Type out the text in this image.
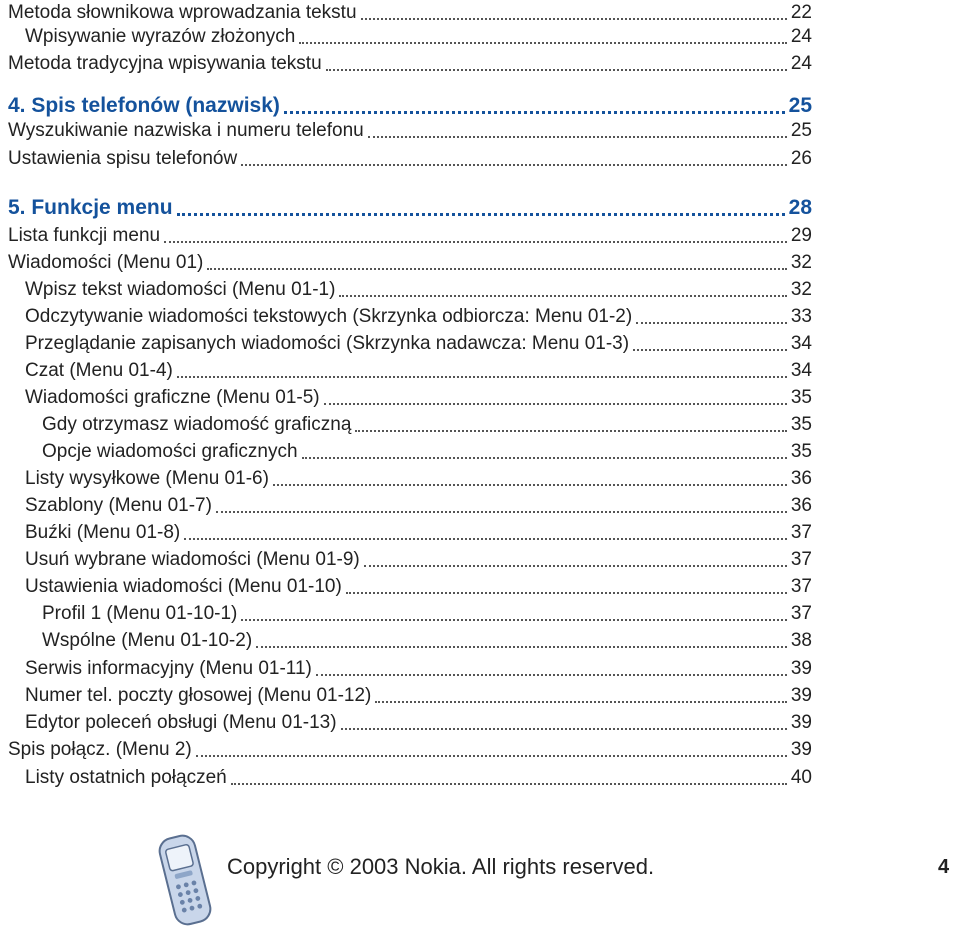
Metoda słownikowa wprowadzania tekstu	22
Wpisywanie wyrazów złożonych	24
Metoda tradycyjna wpisywania tekstu	24
4. Spis telefonów (nazwisk)	25
Wyszukiwanie nazwiska i numeru telefonu	25
Ustawienia spisu telefonów	26
5. Funkcje menu	28
Lista funkcji menu	29
Wiadomości (Menu 01)	32
Wpisz tekst wiadomości (Menu 01-1)	32
Odczytywanie wiadomości tekstowych (Skrzynka odbiorcza: Menu 01-2)	33
Przeglądanie zapisanych wiadomości (Skrzynka nadawcza: Menu 01-3)	34
Czat (Menu 01-4)	34
Wiadomości graficzne (Menu 01-5)	35
Gdy otrzymasz wiadomość graficzną	35
Opcje wiadomości graficznych	35
Listy wysyłkowe (Menu 01-6)	36
Szablony (Menu 01-7)	36
Buźki (Menu 01-8)	37
Usuń wybrane wiadomości (Menu 01-9)	37
Ustawienia wiadomości (Menu 01-10)	37
Profil 1 (Menu 01-10-1)	37
Wspólne (Menu 01-10-2)	38
Serwis informacyjny (Menu 01-11)	39
Numer tel. poczty głosowej (Menu 01-12)	39
Edytor poleceń obsługi (Menu 01-13)	39
Spis połącz. (Menu 2)	39
Listy ostatnich połączeń	40
Copyright © 2003 Nokia. All rights reserved.	4
